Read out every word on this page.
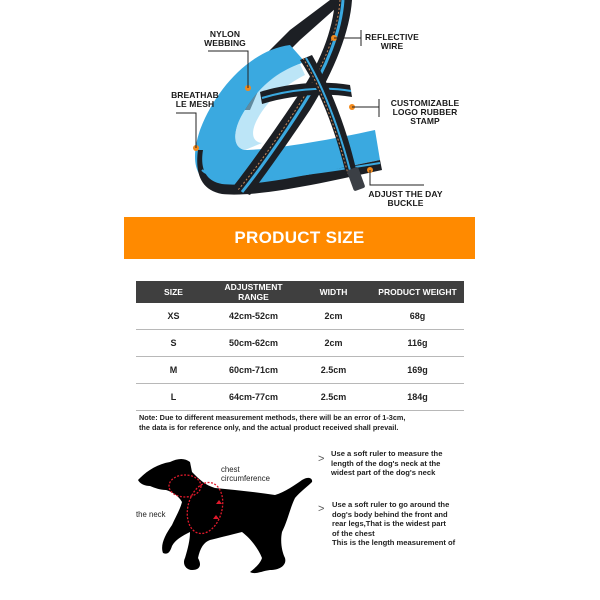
NYLON
WEBBING
BREATHAB
LE MESH
REFLECTIVE
WIRE
CUSTOMIZABLE
LOGO RUBBER
STAMP
ADJUST THE DAY
BUCKLE
PRODUCT SIZE
SIZE	ADJUSTMENT RANGE	WIDTH	PRODUCT WEIGHT
XS	42cm-52cm	2cm	68g
S	50cm-62cm	2cm	116g
M	60cm-71cm	2.5cm	169g
L	64cm-77cm	2.5cm	184g
Note: Due to different measurement methods, there will be an error of 1-3cm,
the data is for reference only, and the actual product received shall prevail.
chest
circumference
the neck
> Use a soft ruler to measure the
length of the dog's neck at the
widest part of the dog's neck
> Use a soft ruler to go around the
dog's body behind the front and
rear legs,That is the widest part
of the chest
This is the length measurement of
